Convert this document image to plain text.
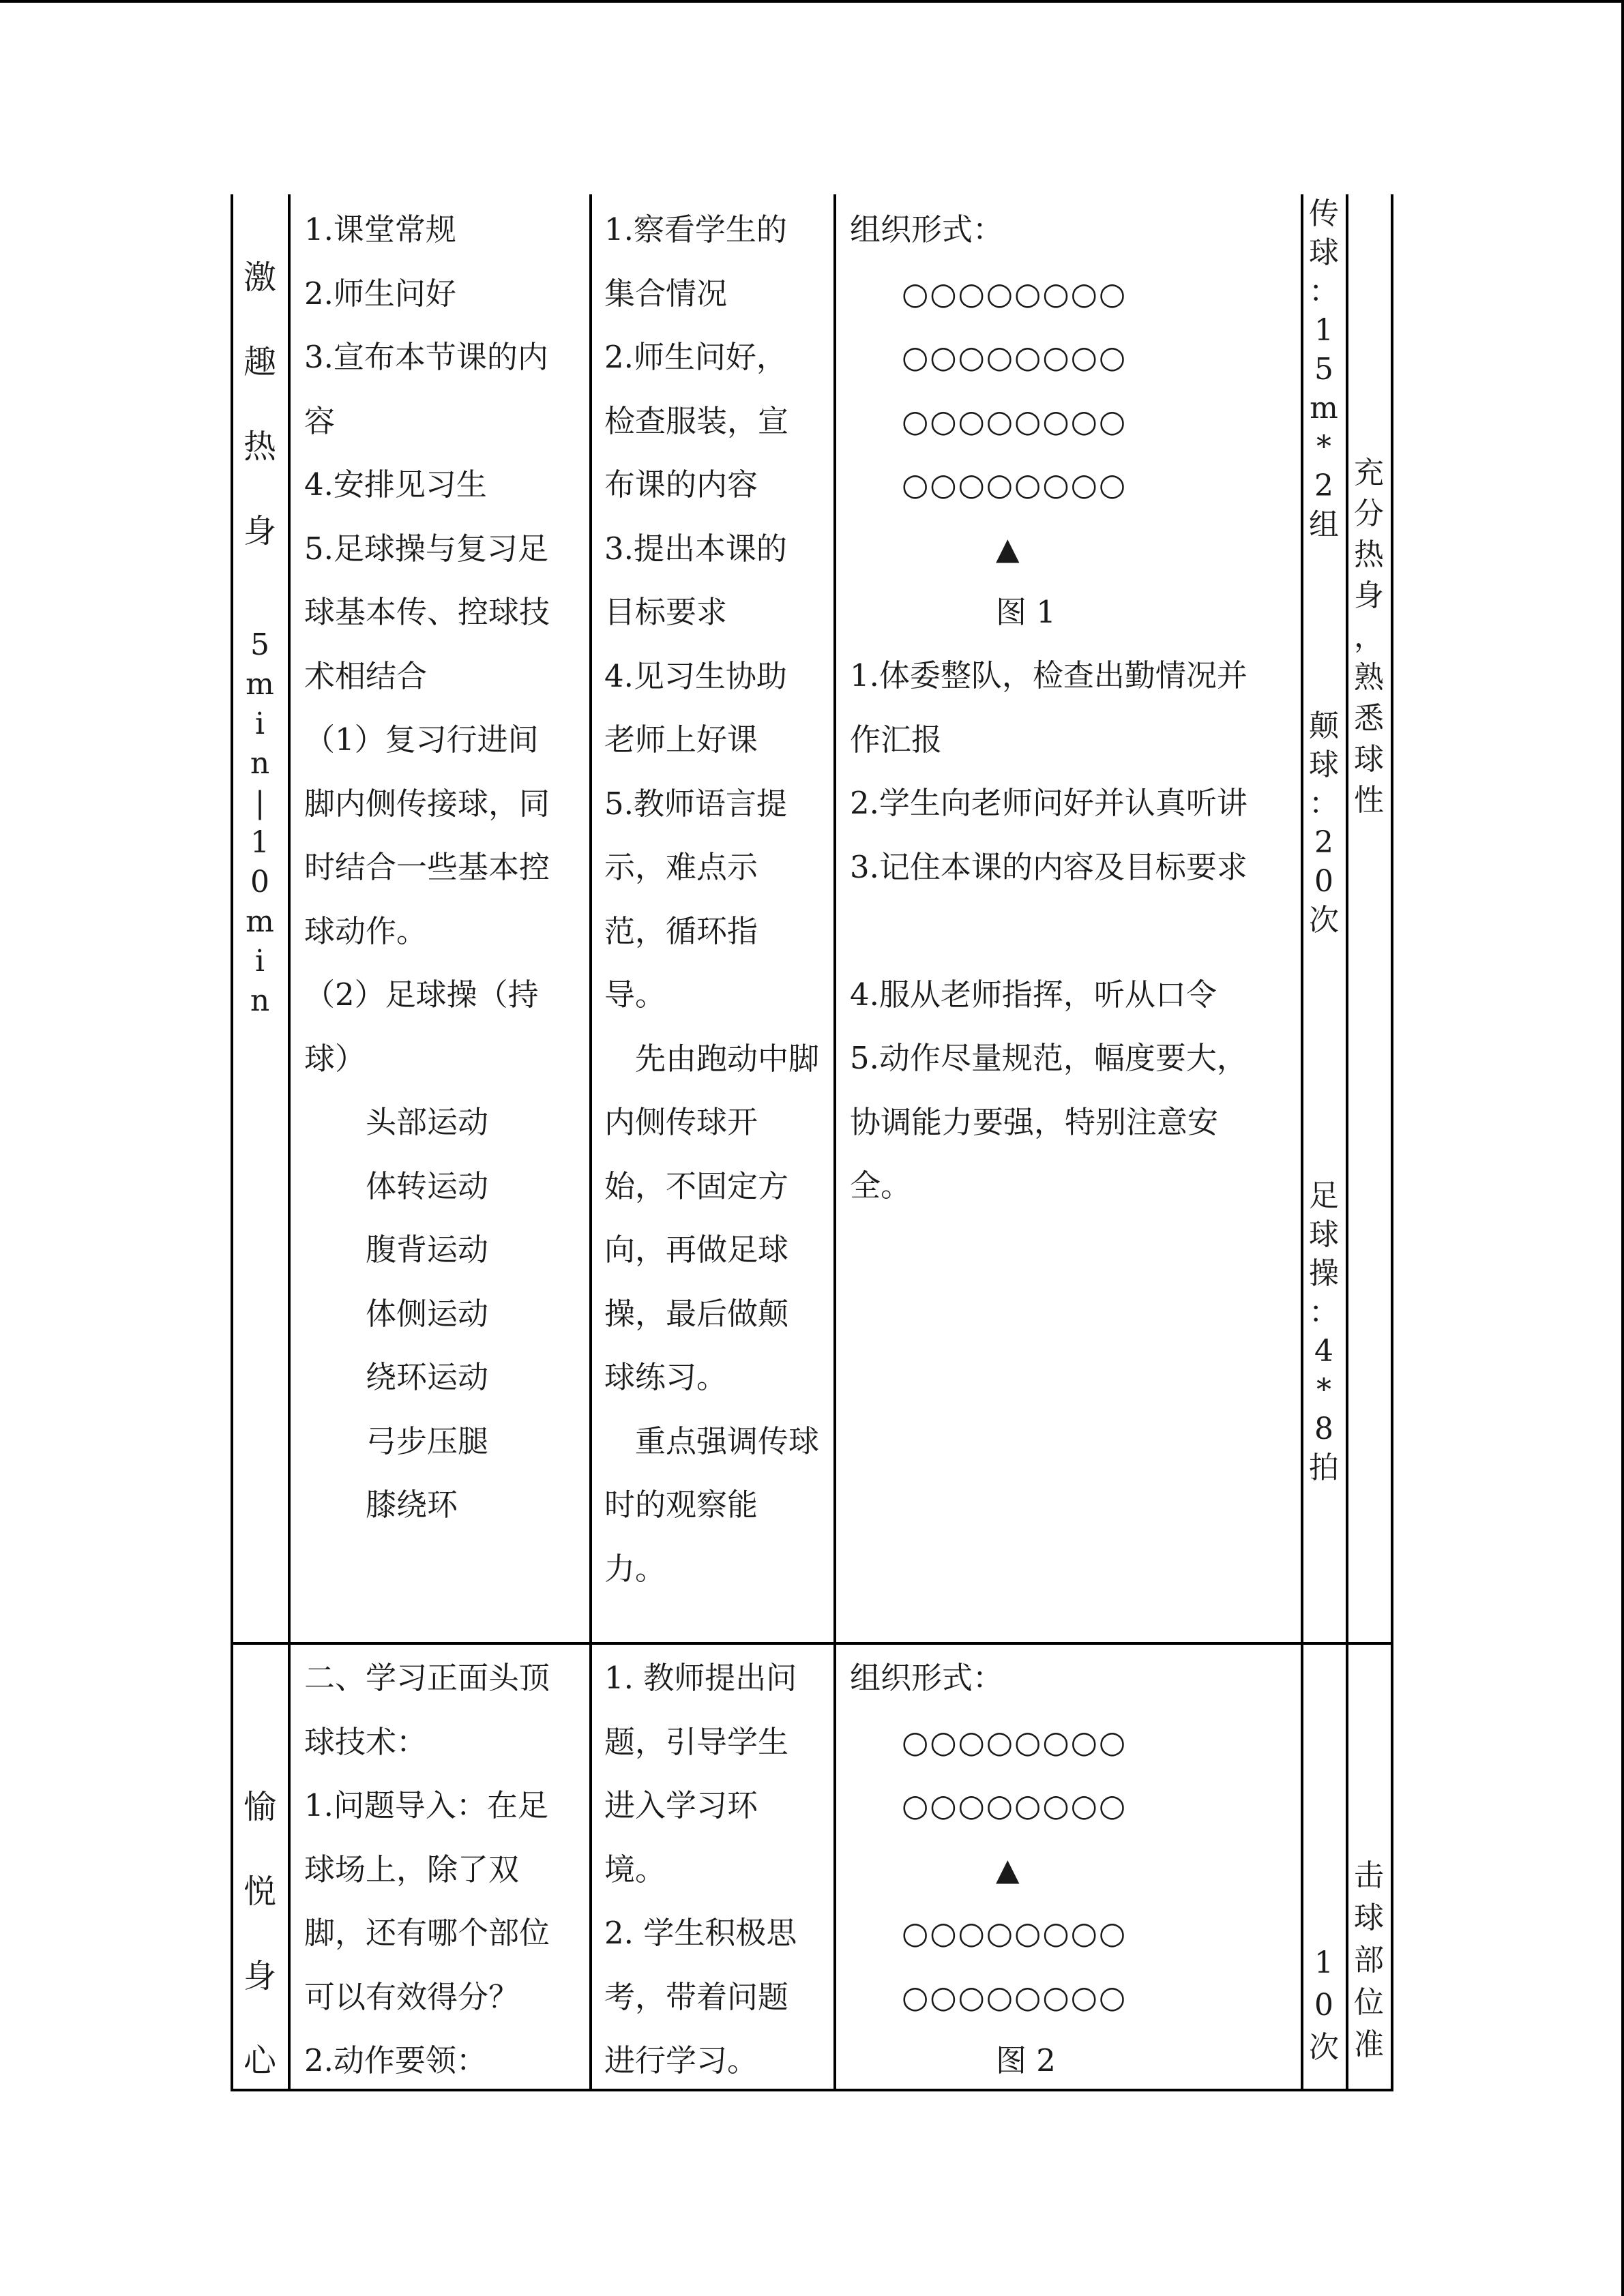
激
趣
热
身
5
m
i
n
|
1
0
m
i
n
1.课堂常规
2.师生问好
3.宣布本节课的内
容
4.安排见习生
5.足球操与复习足
球基本传、控球技
术相结合
（1）复习行进间
脚内侧传接球，同
时结合一些基本控
球动作。
（2）足球操（持
球）
　　头部运动
　　体转运动
　　腹背运动
　　体侧运动
　　绕环运动
　　弓步压腿
　　膝绕环
1.察看学生的
集合情况
2.师生问好，
检查服装，宣
布课的内容
3.提出本课的
目标要求
4.见习生协助
老师上好课
5.教师语言提
示，难点示
范，循环指
导。
　先由跑动中脚
内侧传球开
始，不固定方
向，再做足球
操，最后做颠
球练习。
　重点强调传球
时的观察能
力。
组织形式：
○○○○○○○○
○○○○○○○○
○○○○○○○○
○○○○○○○○
▲
图 1
1.体委整队，检查出勤情况并
作汇报
2.学生向老师问好并认真听讲
3.记住本课的内容及目标要求
4.服从老师指挥，听从口令
5.动作尽量规范，幅度要大，
协调能力要强，特别注意安
全。
传
球
：
1
5
m
*
2
组
颠
球
：
2
0
次
足
球
操
：
4
*
8
拍
充
分
热
身
，
熟
悉
球
性
愉
悦
身
心
二、学习正面头顶
球技术：
1.问题导入：在足
球场上，除了双
脚，还有哪个部位
可以有效得分？
2.动作要领：
1. 教师提出问
题，引导学生
进入学习环
境。
2. 学生积极思
考，带着问题
进行学习。
组织形式：
○○○○○○○○
○○○○○○○○
▲
○○○○○○○○
○○○○○○○○
图 2
1
0
次
击
球
部
位
准
